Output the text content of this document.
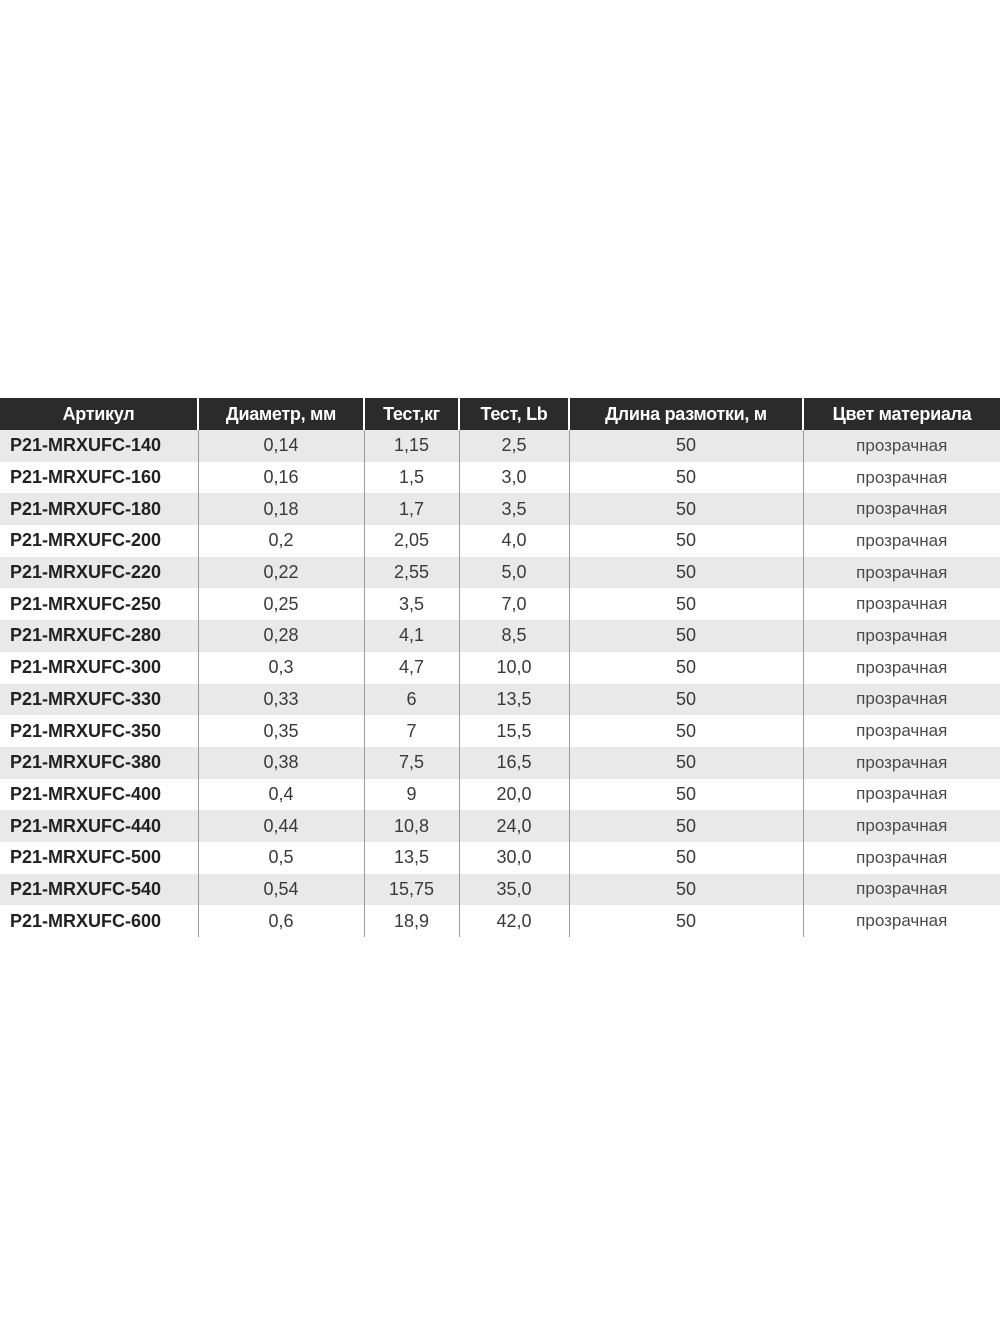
Артикул	Диаметр, мм	Тест,кг	Тест, Lb	Длина размотки, м	Цвет материала
P21-MRXUFC-140	0,14	1,15	2,5	50	прозрачная
P21-MRXUFC-160	0,16	1,5	3,0	50	прозрачная
P21-MRXUFC-180	0,18	1,7	3,5	50	прозрачная
P21-MRXUFC-200	0,2	2,05	4,0	50	прозрачная
P21-MRXUFC-220	0,22	2,55	5,0	50	прозрачная
P21-MRXUFC-250	0,25	3,5	7,0	50	прозрачная
P21-MRXUFC-280	0,28	4,1	8,5	50	прозрачная
P21-MRXUFC-300	0,3	4,7	10,0	50	прозрачная
P21-MRXUFC-330	0,33	6	13,5	50	прозрачная
P21-MRXUFC-350	0,35	7	15,5	50	прозрачная
P21-MRXUFC-380	0,38	7,5	16,5	50	прозрачная
P21-MRXUFC-400	0,4	9	20,0	50	прозрачная
P21-MRXUFC-440	0,44	10,8	24,0	50	прозрачная
P21-MRXUFC-500	0,5	13,5	30,0	50	прозрачная
P21-MRXUFC-540	0,54	15,75	35,0	50	прозрачная
P21-MRXUFC-600	0,6	18,9	42,0	50	прозрачная
